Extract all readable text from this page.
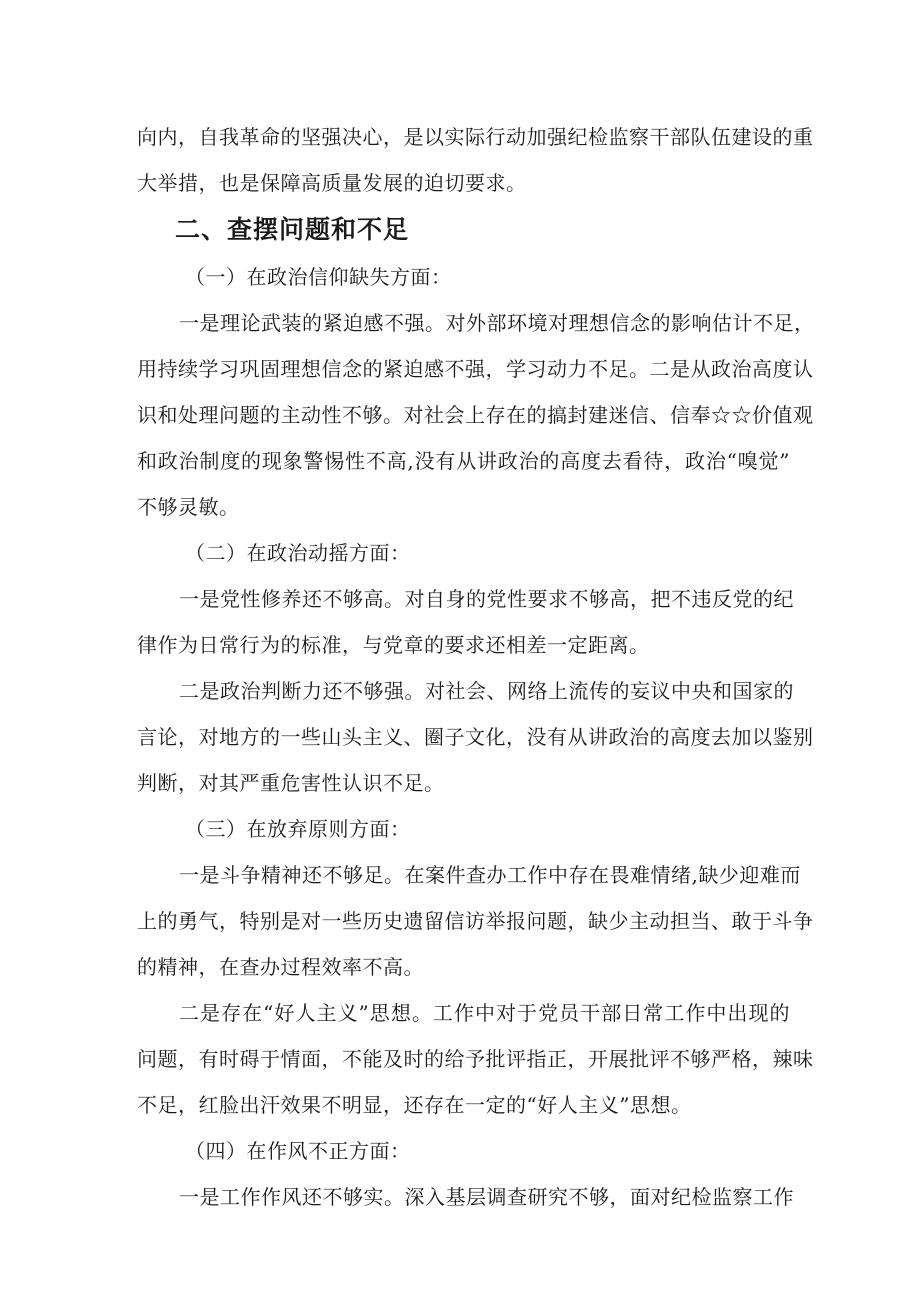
向内，自我革命的坚强决心，是以实际行动加强纪检监察干部队伍建设的重
大举措，也是保障高质量发展的迫切要求。
二、查摆问题和不足
（一）在政治信仰缺失方面：
一是理论武装的紧迫感不强。对外部环境对理想信念的影响估计不足，
用持续学习巩固理想信念的紧迫感不强，学习动力不足。二是从政治高度认
识和处理问题的主动性不够。对社会上存在的搞封建迷信、信奉☆☆价值观
和政治制度的现象警惕性不高,没有从讲政治的高度去看待，政治“嗅觉”
不够灵敏。
（二）在政治动摇方面：
一是党性修养还不够高。对自身的党性要求不够高，把不违反党的纪
律作为日常行为的标准，与党章的要求还相差一定距离。
二是政治判断力还不够强。对社会、网络上流传的妄议中央和国家的
言论，对地方的一些山头主义、圈子文化，没有从讲政治的高度去加以鉴别
判断，对其严重危害性认识不足。
（三）在放弃原则方面：
一是斗争精神还不够足。在案件查办工作中存在畏难情绪,缺少迎难而
上的勇气，特别是对一些历史遗留信访举报问题，缺少主动担当、敢于斗争
的精神，在查办过程效率不高。
二是存在“好人主义”思想。工作中对于党员干部日常工作中出现的
问题，有时碍于情面，不能及时的给予批评指正，开展批评不够严格，辣味
不足，红脸出汗效果不明显，还存在一定的“好人主义”思想。
（四）在作风不正方面：
一是工作作风还不够实。深入基层调查研究不够，面对纪检监察工作
